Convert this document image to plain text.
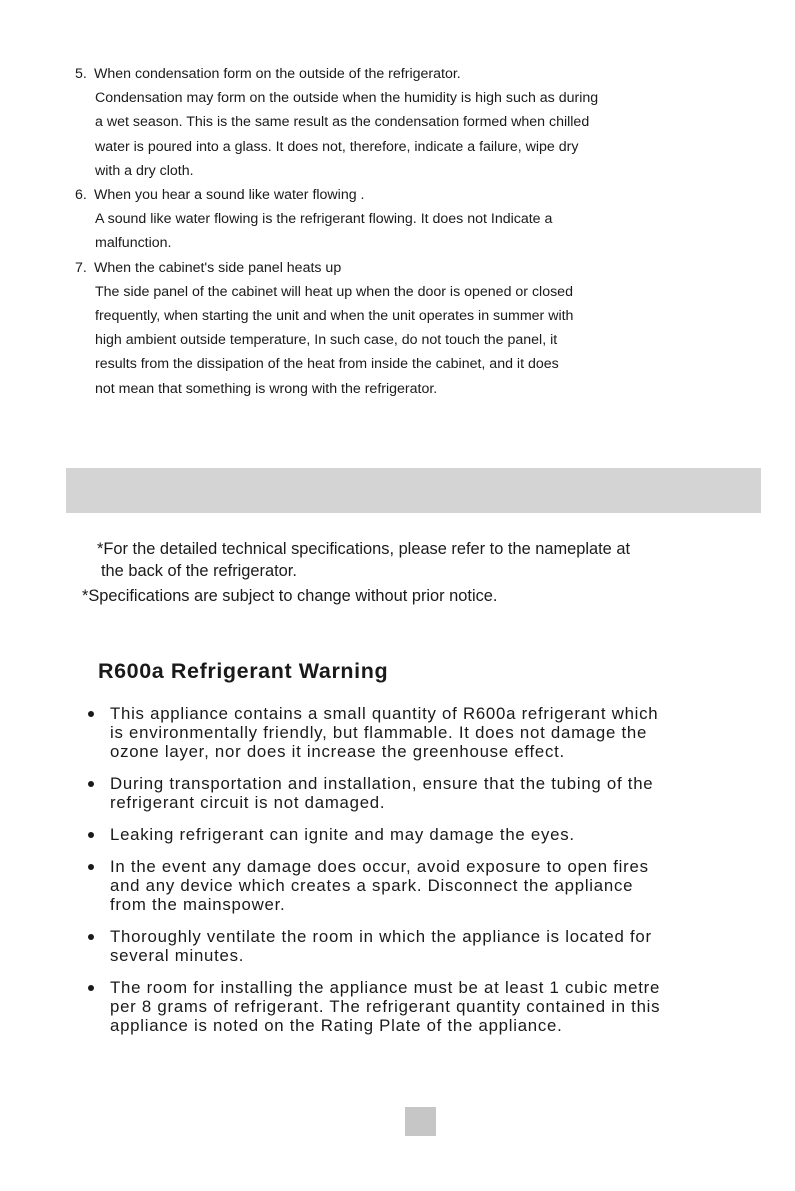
5. When condensation form on the outside of the refrigerator.
Condensation may form on the outside when the humidity is high such as during
a wet season. This is the same result as the condensation formed when chilled
water is poured into a glass. It does not, therefore, indicate a failure, wipe dry
with a dry cloth.
6. When you hear a sound like water flowing .
A sound like water flowing is the refrigerant flowing. It does not Indicate a
malfunction.
7. When the cabinet's side panel heats up
The side panel of the cabinet will heat up when the door is opened or closed
frequently, when starting the unit and when the unit operates in summer with
high ambient outside temperature, In such case, do not touch the panel, it
results from the dissipation of the heat from inside the cabinet, and it does
not mean that something is wrong with the refrigerator.
*For the detailed technical specifications, please refer to the nameplate at
the back of the refrigerator.
*Specifications are subject to change without prior notice.
R600a Refrigerant Warning
This appliance contains a small quantity of R600a refrigerant which
is environmentally friendly, but flammable. It does not damage the
ozone layer, nor does it increase the greenhouse effect.
During transportation and installation, ensure that the tubing of the
refrigerant circuit is not damaged.
Leaking refrigerant can ignite and may damage the eyes.
In the event any damage does occur, avoid exposure to open fires
and any device which creates a spark. Disconnect the appliance
from the mainspower.
Thoroughly ventilate the room in which the appliance is located for
several minutes.
The room for installing the appliance must be at least 1 cubic metre
per 8 grams of refrigerant. The refrigerant quantity contained in this
appliance is noted on the Rating Plate of the appliance.
